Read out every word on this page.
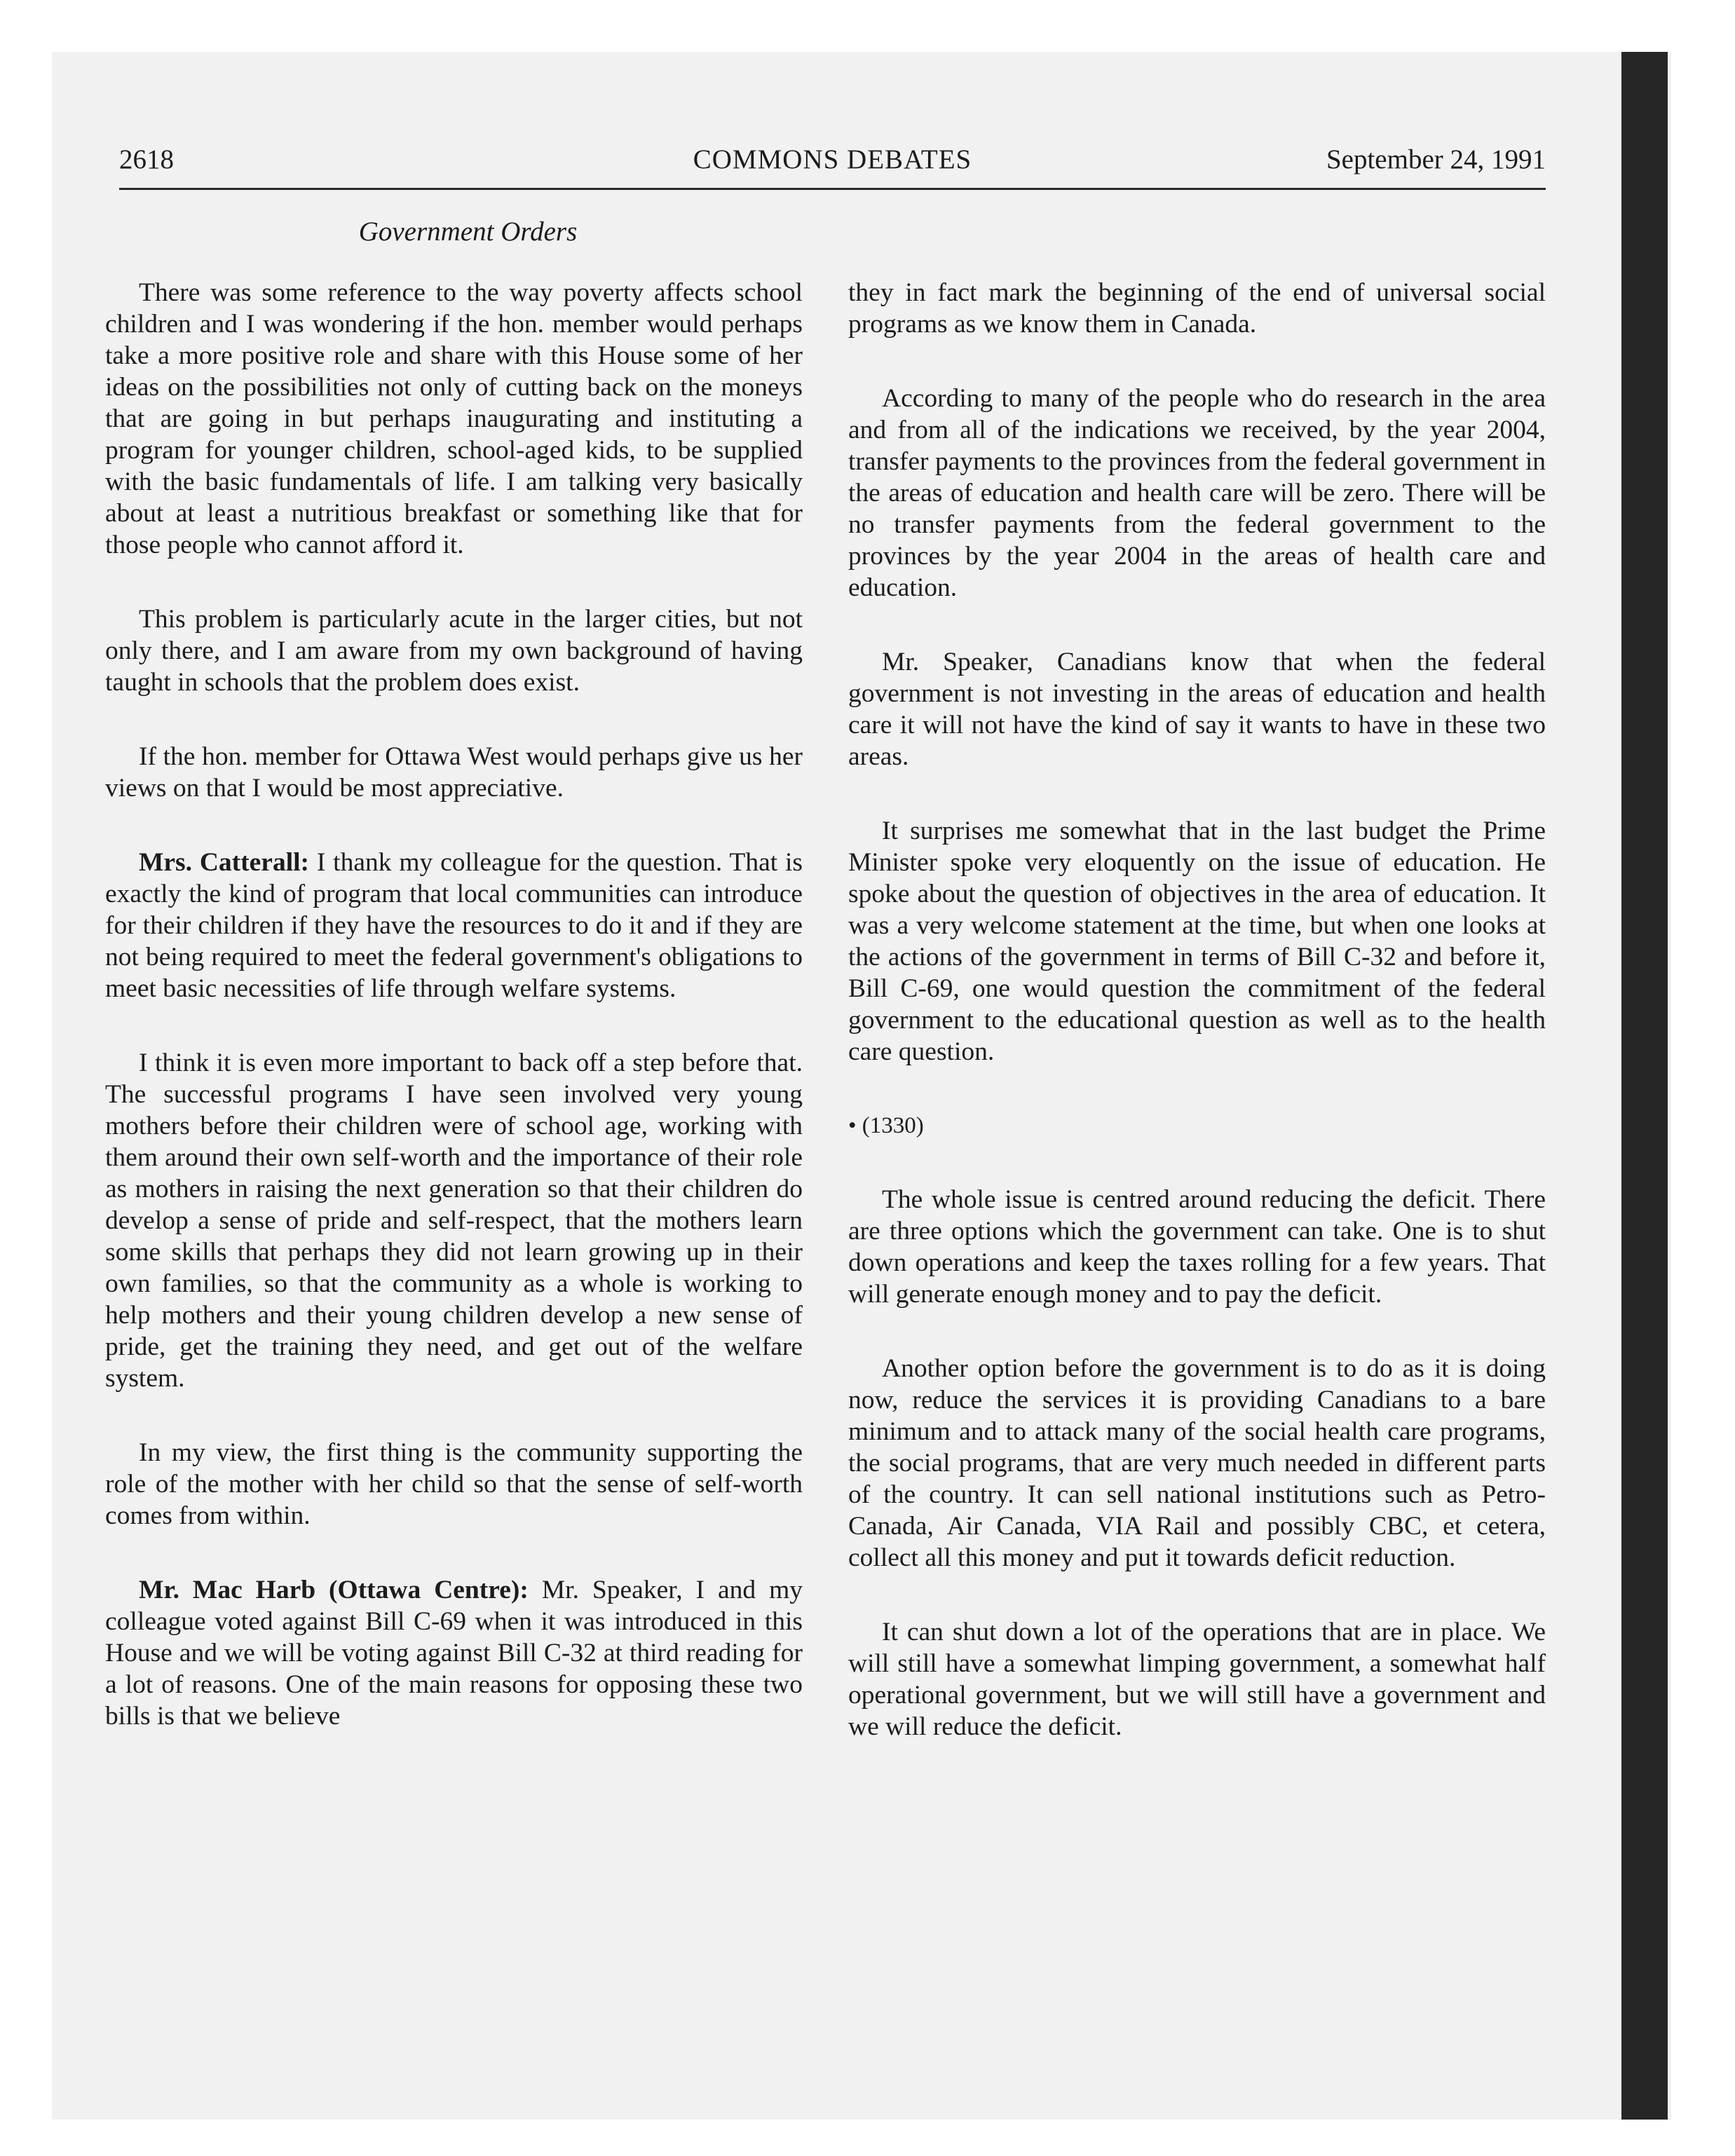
2618	COMMONS DEBATES	September 24, 1991
Government Orders

There was some reference to the way poverty affects school children and I was wondering if the hon. member would perhaps take a more positive role and share with this House some of her ideas on the possibilities not only of cutting back on the moneys that are going in but perhaps inaugurating and instituting a program for younger children, school-aged kids, to be supplied with the basic fundamentals of life. I am talking very basically about at least a nutritious breakfast or something like that for those people who cannot afford it.

This problem is particularly acute in the larger cities, but not only there, and I am aware from my own background of having taught in schools that the problem does exist.

If the hon. member for Ottawa West would perhaps give us her views on that I would be most appreciative.

Mrs. Catterall: I thank my colleague for the question. That is exactly the kind of program that local communities can introduce for their children if they have the resources to do it and if they are not being required to meet the federal government's obligations to meet basic necessities of life through welfare systems.

I think it is even more important to back off a step before that. The successful programs I have seen involved very young mothers before their children were of school age, working with them around their own self-worth and the importance of their role as mothers in raising the next generation so that their children do develop a sense of pride and self-respect, that the mothers learn some skills that perhaps they did not learn growing up in their own families, so that the community as a whole is working to help mothers and their young children develop a new sense of pride, get the training they need, and get out of the welfare system.

In my view, the first thing is the community supporting the role of the mother with her child so that the sense of self-worth comes from within.

Mr. Mac Harb (Ottawa Centre): Mr. Speaker, I and my colleague voted against Bill C-69 when it was introduced in this House and we will be voting against Bill C-32 at third reading for a lot of reasons. One of the main reasons for opposing these two bills is that we believe

they in fact mark the beginning of the end of universal social programs as we know them in Canada.

According to many of the people who do research in the area and from all of the indications we received, by the year 2004, transfer payments to the provinces from the federal government in the areas of education and health care will be zero. There will be no transfer payments from the federal government to the provinces by the year 2004 in the areas of health care and education.

Mr. Speaker, Canadians know that when the federal government is not investing in the areas of education and health care it will not have the kind of say it wants to have in these two areas.

It surprises me somewhat that in the last budget the Prime Minister spoke very eloquently on the issue of education. He spoke about the question of objectives in the area of education. It was a very welcome statement at the time, but when one looks at the actions of the government in terms of Bill C-32 and before it, Bill C-69, one would question the commitment of the federal government to the educational question as well as to the health care question.

• (1330)

The whole issue is centred around reducing the deficit. There are three options which the government can take. One is to shut down operations and keep the taxes rolling for a few years. That will generate enough money and to pay the deficit.

Another option before the government is to do as it is doing now, reduce the services it is providing Canadians to a bare minimum and to attack many of the social health care programs, the social programs, that are very much needed in different parts of the country. It can sell national institutions such as Petro-Canada, Air Canada, VIA Rail and possibly CBC, et cetera, collect all this money and put it towards deficit reduction.

It can shut down a lot of the operations that are in place. We will still have a somewhat limping government, a somewhat half operational government, but we will still have a government and we will reduce the deficit.
